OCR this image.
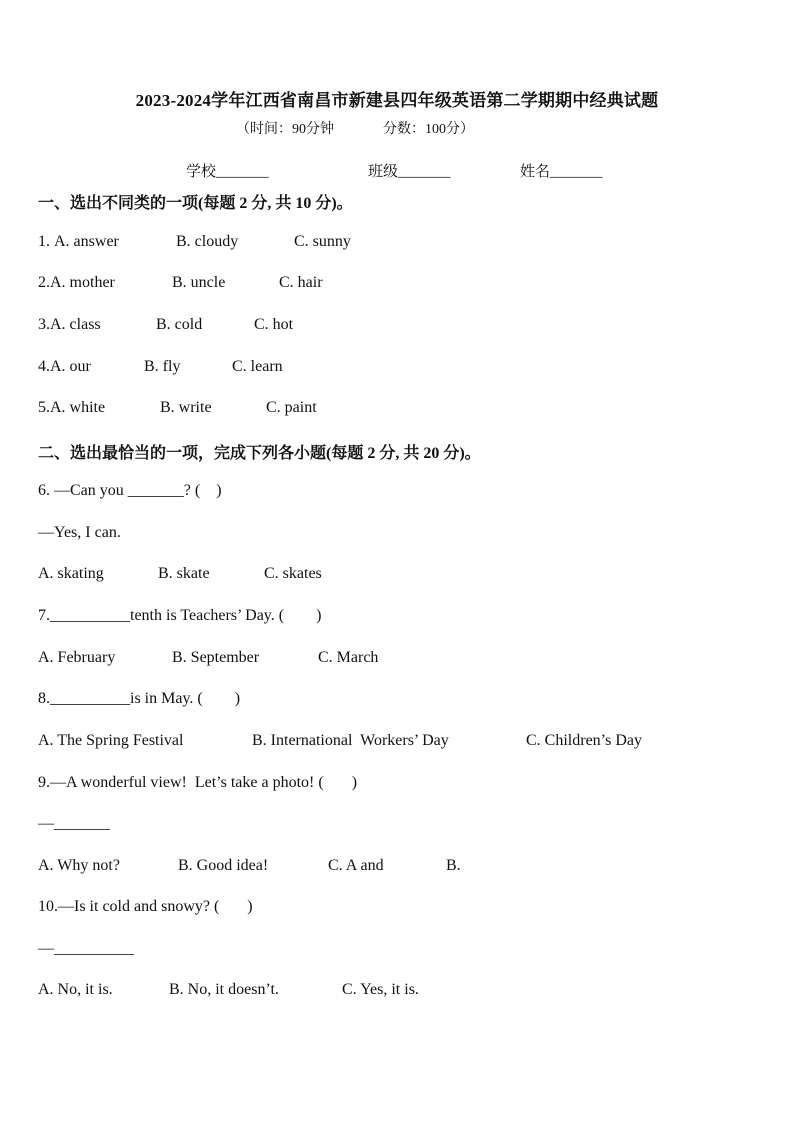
2023-2024学年江西省南昌市新建县四年级英语第二学期期中经典试题
（时间：90分钟              分数：100分）
学校_______	班级_______	姓名_______
一、选出不同类的一项(每题 2 分, 共 10 分)。
1. A. answer	B. cloudy	C. sunny
2.A. mother	B. uncle	C. hair
3.A. class	B. cold	C. hot
4.A. our	B. fly	C. learn
5.A. white	B. write	C. paint
二、选出最恰当的一项，完成下列各小题(每题 2 分, 共 20 分)。
6. —Can you _______? (    )
—Yes, I can.
A. skating	B. skate	C. skates
7.__________tenth is Teachers’ Day. (        )
A. February	B. September	C. March
8.__________is in May. (        )
A. The Spring Festival	B. International  Workers’ Day	C. Children’s Day
9.—A wonderful view!  Let’s take a photo! (       )
—_______
A. Why not?	B. Good idea!	C. A and	B.
10.—Is it cold and snowy? (       )
—__________
A. No, it is.	B. No, it doesn’t.	C. Yes, it is.
